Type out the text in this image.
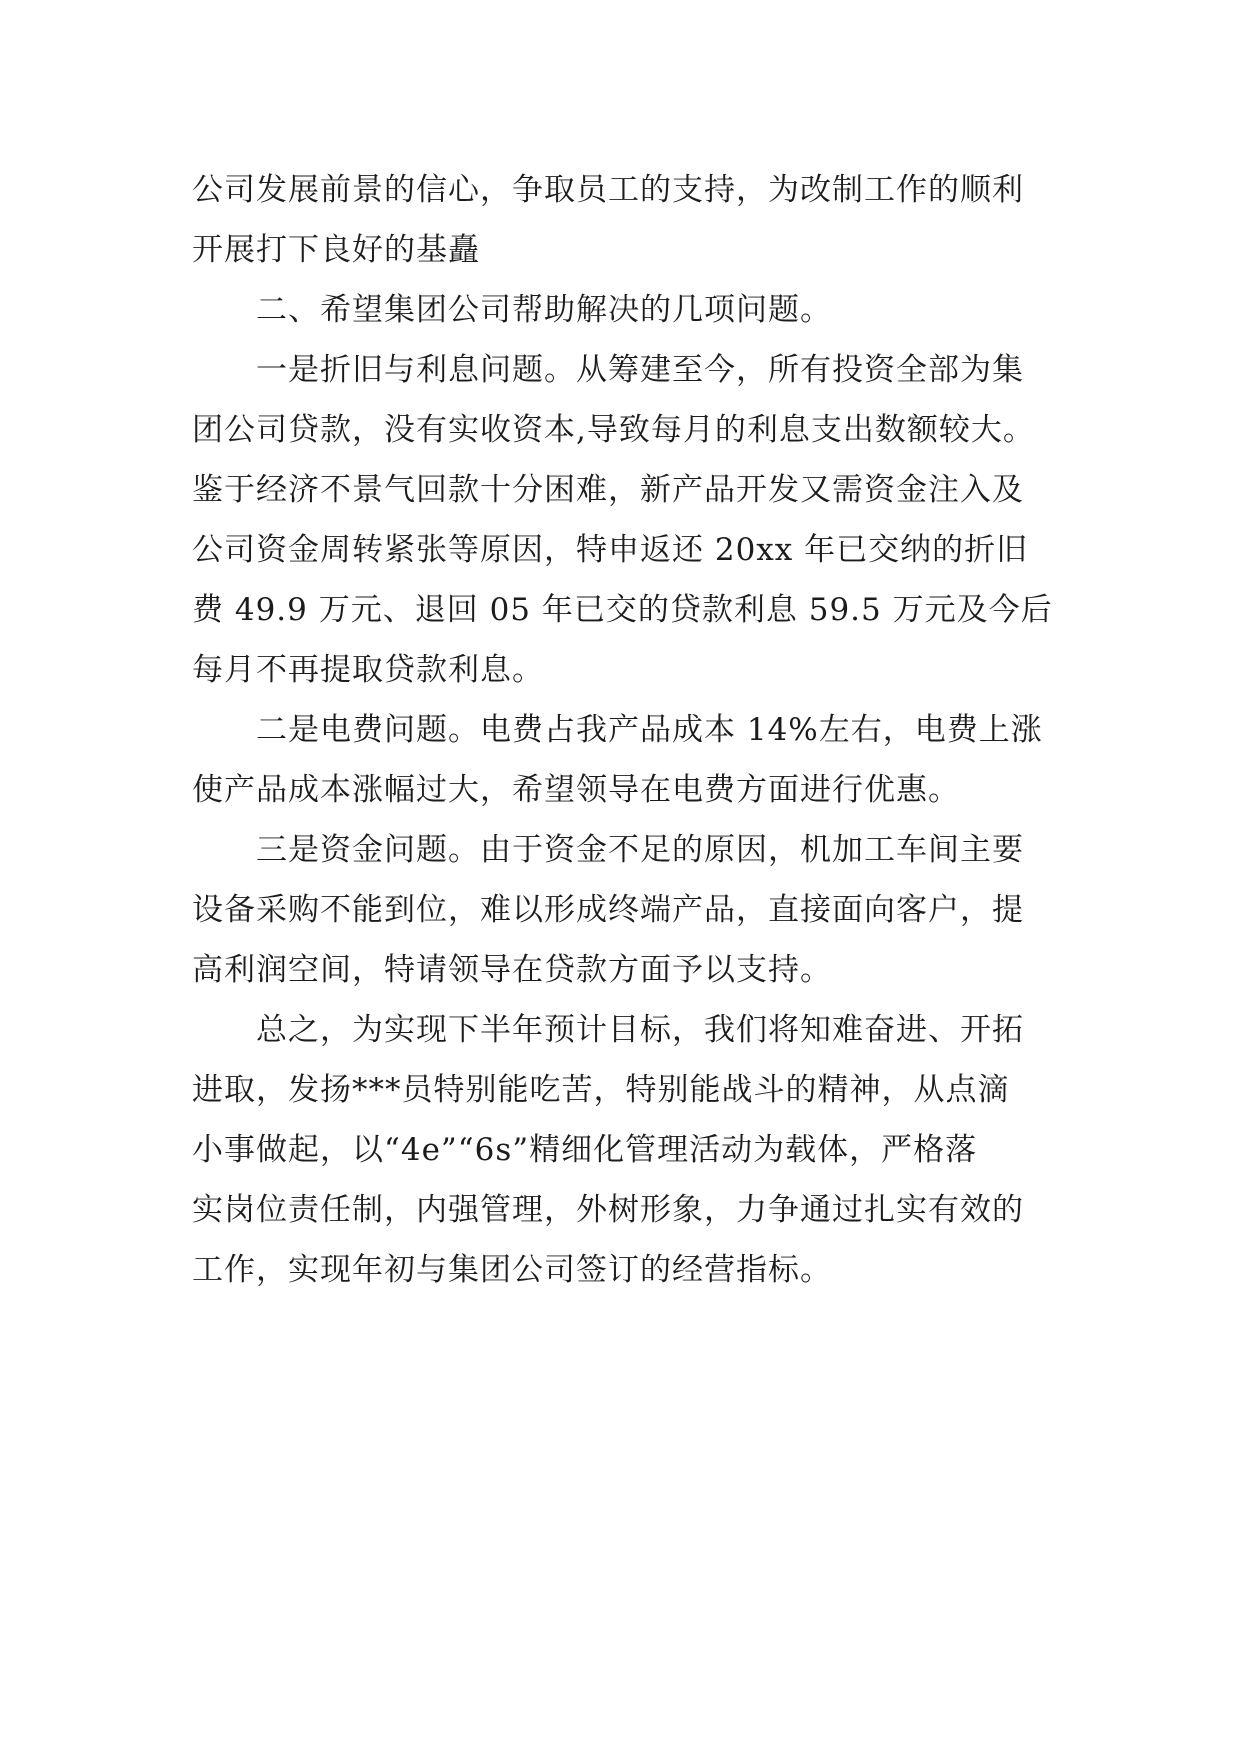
公司发展前景的信心，争取员工的支持，为改制工作的顺利
开展打下良好的基矗
二、希望集团公司帮助解决的几项问题。
一是折旧与利息问题。从筹建至今，所有投资全部为集
团公司贷款，没有实收资本,导致每月的利息支出数额较大。
鉴于经济不景气回款十分困难，新产品开发又需资金注入及
公司资金周转紧张等原因，特申返还 20xx 年已交纳的折旧
费 49.9 万元、退回 05 年已交的贷款利息 59.5 万元及今后
每月不再提取贷款利息。
二是电费问题。电费占我产品成本 14%左右，电费上涨
使产品成本涨幅过大，希望领导在电费方面进行优惠。
三是资金问题。由于资金不足的原因，机加工车间主要
设备采购不能到位，难以形成终端产品，直接面向客户，提
高利润空间，特请领导在贷款方面予以支持。
总之，为实现下半年预计目标，我们将知难奋进、开拓
进取，发扬***员特别能吃苦，特别能战斗的精神，从点滴
小事做起，以“4e”“6s”精细化管理活动为载体，严格落
实岗位责任制，内强管理，外树形象，力争通过扎实有效的
工作，实现年初与集团公司签订的经营指标。
